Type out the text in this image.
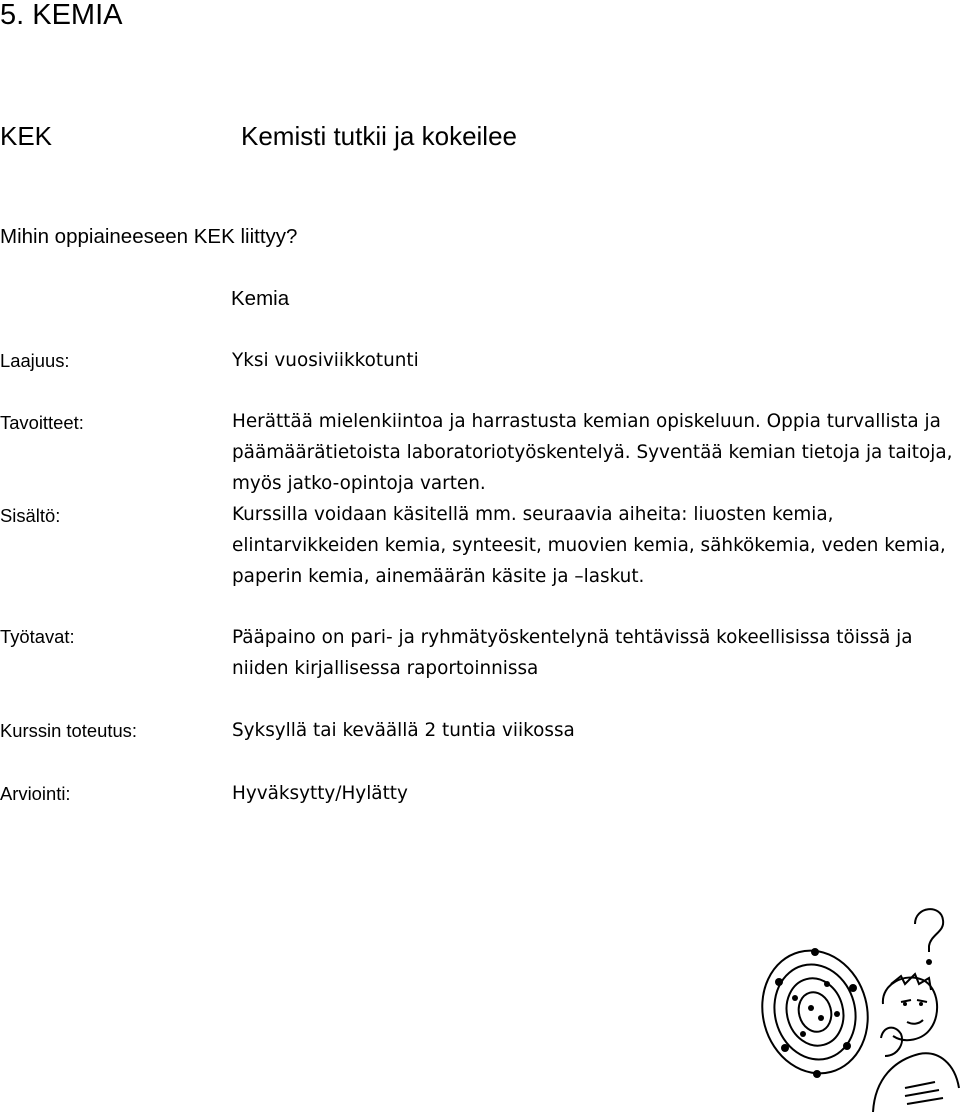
5. KEMIA
KEK	Kemisti tutkii ja kokeilee
Mihin oppiaineeseen KEK liittyy?
Kemia
Laajuus:
Tavoitteet:
Sisältö:
Työtavat:
Kurssin toteutus:
Arviointi:
Yksi vuosiviikkotunti
Herättää mielenkiintoa ja harrastusta kemian opiskeluun. Oppia turvallista ja päämäärätietoista laboratoriotyöskentelyä. Syventää kemian tietoja ja taitoja, myös jatko-opintoja varten.
Kurssilla voidaan käsitellä mm. seuraavia aiheita: liuosten kemia, elintarvikkeiden kemia, synteesit, muovien kemia, sähkökemia, veden kemia, paperin kemia, ainemäärän käsite ja –laskut.
Pääpaino on pari- ja ryhmätyöskentelynä tehtävissä kokeellisissa töissä ja niiden kirjallisessa raportoinnissa
Syksyllä tai keväällä 2 tuntia viikossa
Hyväksytty/Hylätty
